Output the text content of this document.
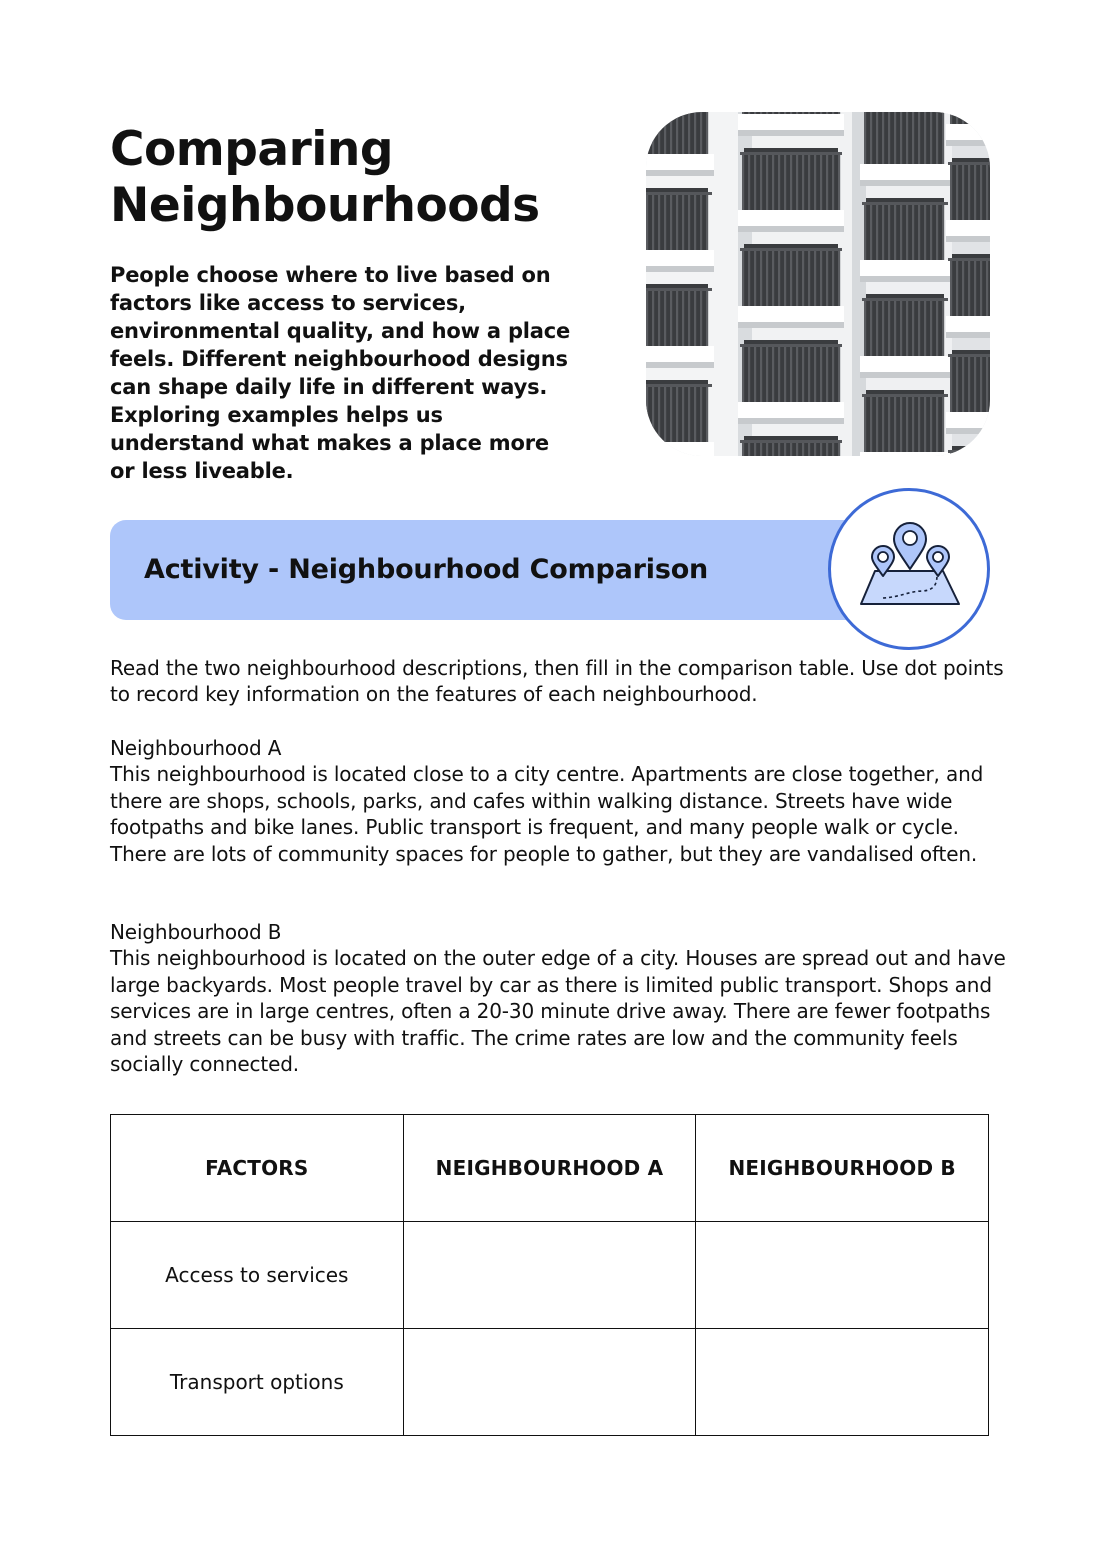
Comparing
Neighbourhoods

People choose where to live based on factors like access to services, environmental quality, and how a place feels. Different neighbourhood designs can shape daily life in different ways. Exploring examples helps us understand what makes a place more or less liveable.

Activity - Neighbourhood Comparison

Read the two neighbourhood descriptions, then fill in the comparison table. Use dot points to record key information on the features of each neighbourhood.

Neighbourhood A
This neighbourhood is located close to a city centre. Apartments are close together, and there are shops, schools, parks, and cafes within walking distance. Streets have wide footpaths and bike lanes. Public transport is frequent, and many people walk or cycle. There are lots of community spaces for people to gather, but they are vandalised often.
Neighbourhood B
This neighbourhood is located on the outer edge of a city. Houses are spread out and have large backyards. Most people travel by car as there is limited public transport. Shops and services are in large centres, often a 20-30 minute drive away. There are fewer footpaths and streets can be busy with traffic. The crime rates are low and the community feels socially connected.
FACTORS	NEIGHBOURHOOD A	NEIGHBOURHOOD B
Access to services		
Transport options		
